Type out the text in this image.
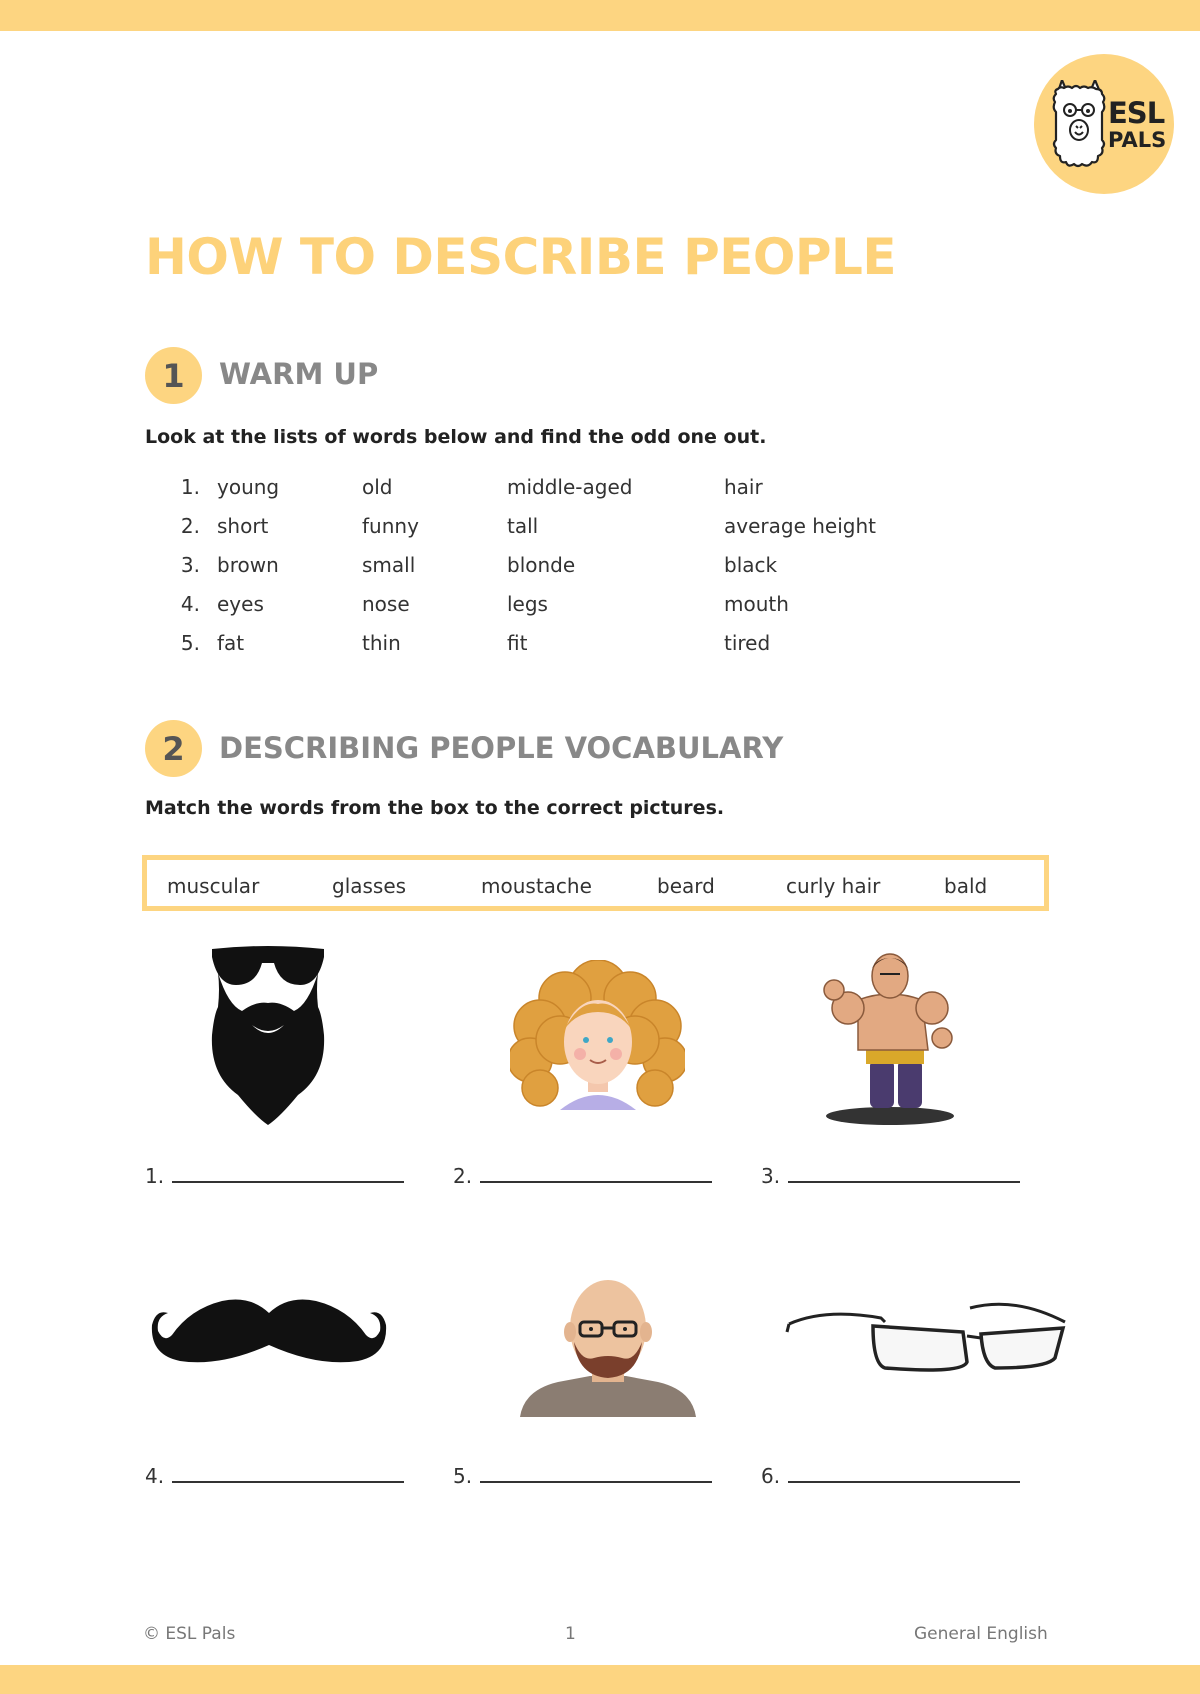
ESL
PALS
HOW TO DESCRIBE PEOPLE
1	WARM UP
Look at the lists of words below and find the odd one out.
1. young	old	middle-aged	hair
2. short	funny	tall	average height
3. brown	small	blonde	black
4. eyes	nose	legs	mouth
5. fat	thin	fit	tired
2	DESCRIBING PEOPLE VOCABULARY
Match the words from the box to the correct pictures.
muscular	glasses	moustache	beard	curly hair	bald
1.	2.	3.
4.	5.	6.
© ESL Pals	1	General English
